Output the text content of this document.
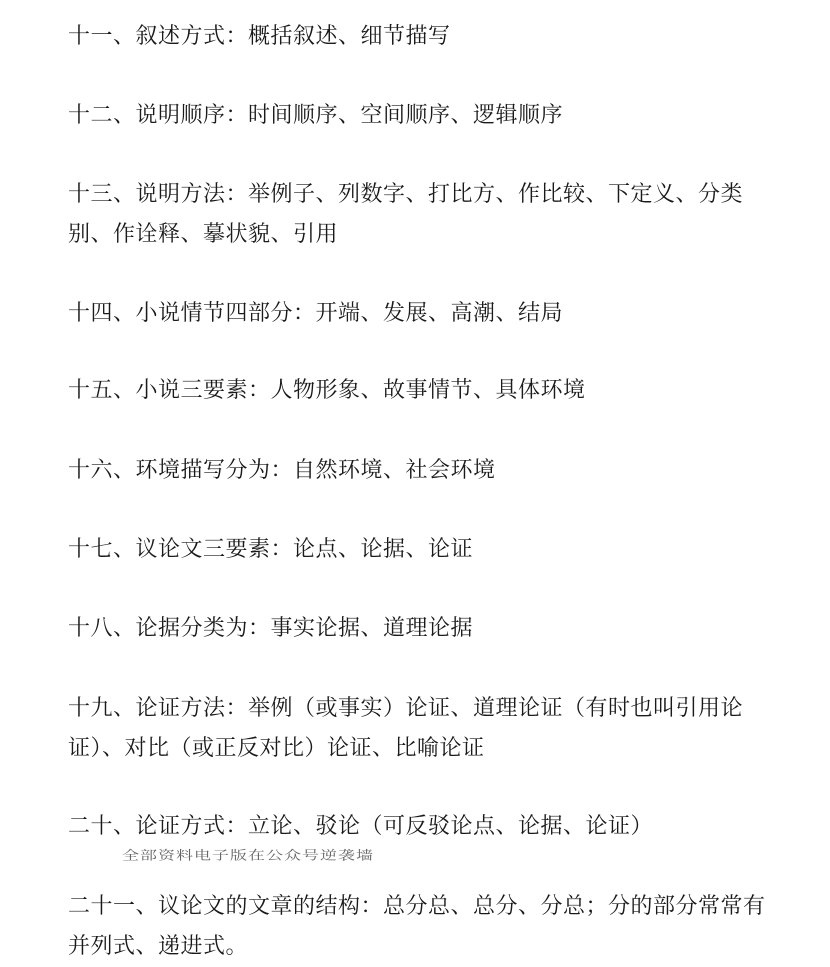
十一、叙述方式：概括叙述、细节描写

十二、说明顺序：时间顺序、空间顺序、逻辑顺序

十三、说明方法：举例子、列数字、打比方、作比较、下定义、分类别、作诠释、摹状貌、引用

十四、小说情节四部分：开端、发展、高潮、结局

十五、小说三要素：人物形象、故事情节、具体环境

十六、环境描写分为：自然环境、社会环境

十七、议论文三要素：论点、论据、论证

十八、论据分类为：事实论据、道理论据

十九、论证方法：举例（或事实）论证、道理论证（有时也叫引用论证）、对比（或正反对比）论证、比喻论证

二十、论证方式：立论、驳论（可反驳论点、论据、论证）

全部资料电子版在公众号逆袭墙

二十一、议论文的文章的结构：总分总、总分、分总；分的部分常常有并列式、递进式。
